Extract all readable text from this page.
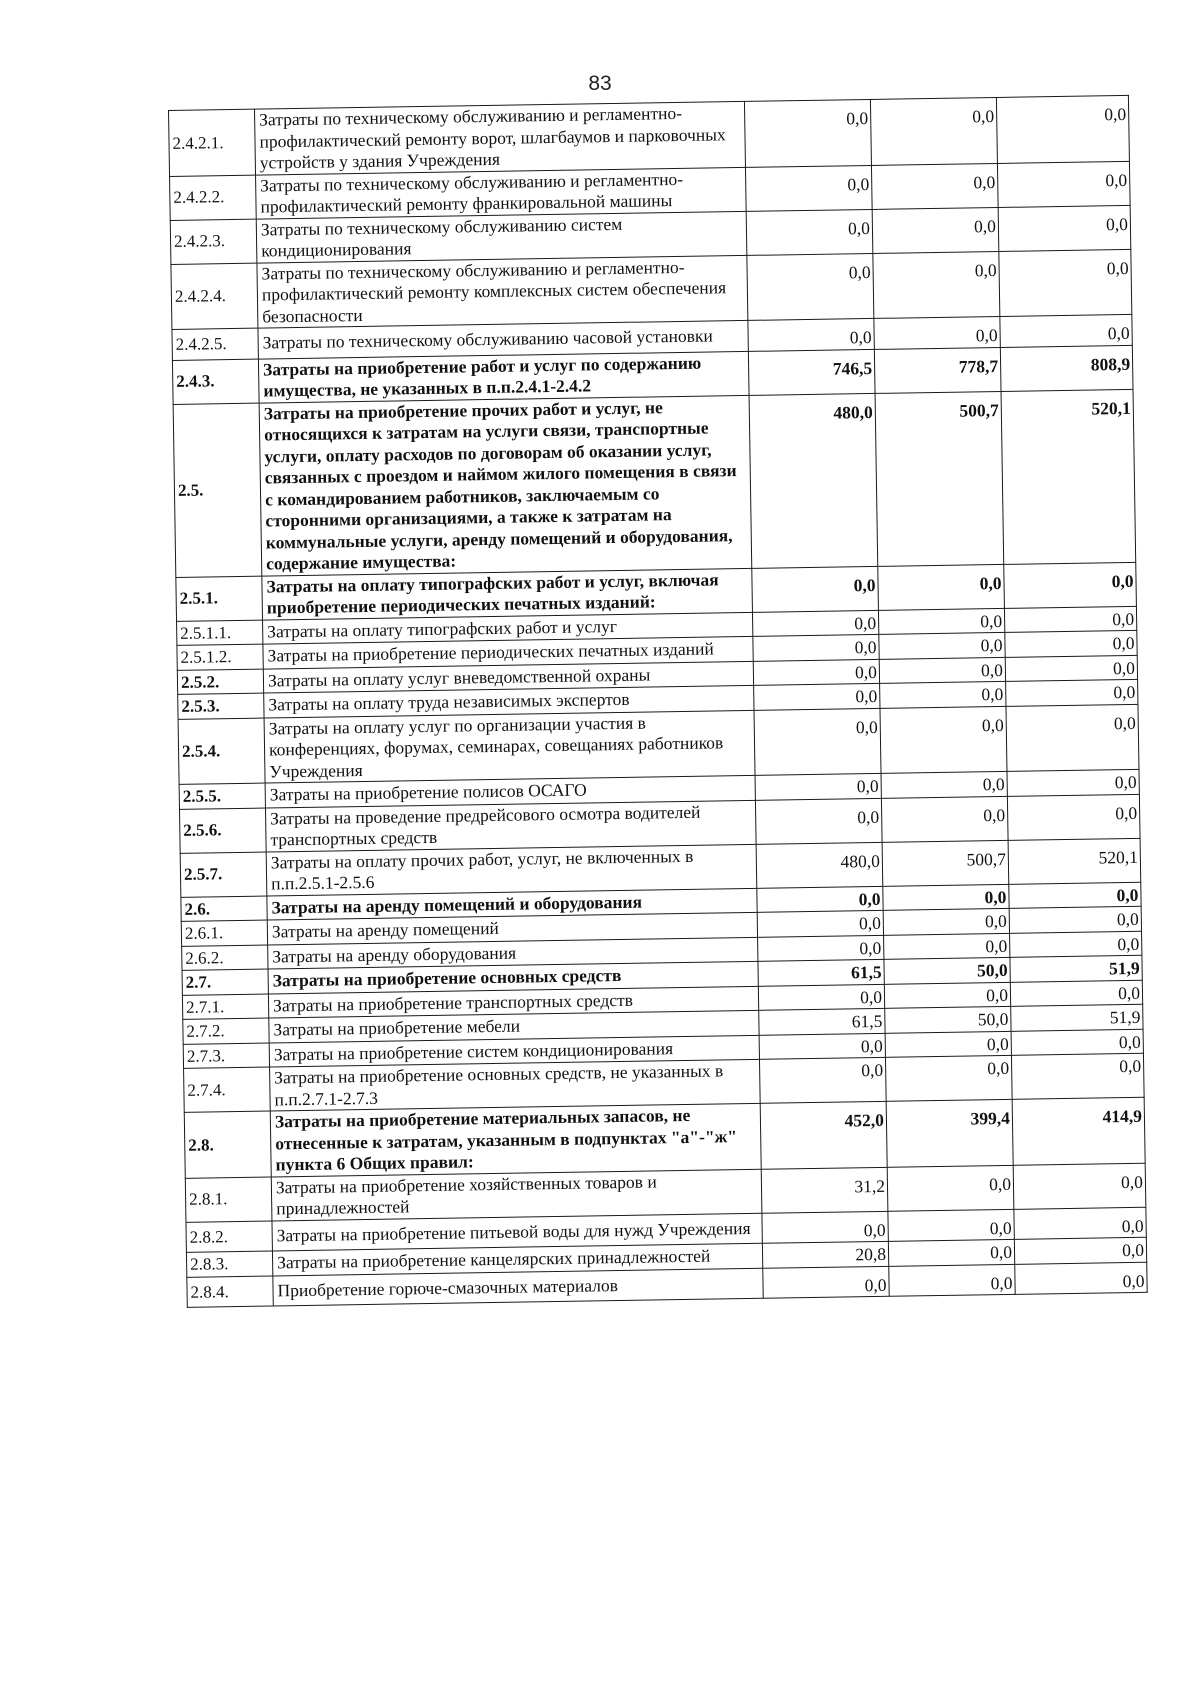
83
2.4.2.1.	Затраты по техническому обслуживанию и регламентно-профилактический ремонту ворот, шлагбаумов и парковочных устройств у здания Учреждения	0,0	0,0	0,0
2.4.2.2.	Затраты по техническому обслуживанию и регламентно-профилактический ремонту франкировальной машины	0,0	0,0	0,0
2.4.2.3.	Затраты по техническому обслуживанию систем кондиционирования	0,0	0,0	0,0
2.4.2.4.	Затраты по техническому обслуживанию и регламентно-профилактический ремонту комплексных систем обеспечения безопасности	0,0	0,0	0,0
2.4.2.5.	Затраты по техническому обслуживанию часовой установки	0,0	0,0	0,0
2.4.3.	Затраты на приобретение работ и услуг по содержанию имущества, не указанных в п.п.2.4.1-2.4.2	746,5	778,7	808,9
2.5.	Затраты на приобретение прочих работ и услуг, не относящихся к затратам на услуги связи, транспортные услуги, оплату расходов по договорам об оказании услуг, связанных с проездом и наймом жилого помещения в связи с командированием работников, заключаемым со сторонними организациями, а также к затратам на коммунальные услуги, аренду помещений и оборудования, содержание имущества:	480,0	500,7	520,1
2.5.1.	Затраты на оплату типографских работ и услуг, включая приобретение периодических печатных изданий:	0,0	0,0	0,0
2.5.1.1.	Затраты на оплату типографских работ и услуг	0,0	0,0	0,0
2.5.1.2.	Затраты на приобретение периодических печатных изданий	0,0	0,0	0,0
2.5.2.	Затраты на оплату услуг вневедомственной охраны	0,0	0,0	0,0
2.5.3.	Затраты на оплату труда независимых экспертов	0,0	0,0	0,0
2.5.4.	Затраты на оплату услуг по организации участия в конференциях, форумах, семинарах, совещаниях работников Учреждения	0,0	0,0	0,0
2.5.5.	Затраты на приобретение полисов ОСАГО	0,0	0,0	0,0
2.5.6.	Затраты на проведение предрейсового осмотра водителей транспортных средств	0,0	0,0	0,0
2.5.7.	Затраты на оплату прочих работ, услуг, не включенных в п.п.2.5.1-2.5.6	480,0	500,7	520,1
2.6.	Затраты на аренду помещений и оборудования	0,0	0,0	0,0
2.6.1.	Затраты на аренду помещений	0,0	0,0	0,0
2.6.2.	Затраты на аренду оборудования	0,0	0,0	0,0
2.7.	Затраты на приобретение основных средств	61,5	50,0	51,9
2.7.1.	Затраты на приобретение транспортных средств	0,0	0,0	0,0
2.7.2.	Затраты на приобретение мебели	61,5	50,0	51,9
2.7.3.	Затраты на приобретение систем кондиционирования	0,0	0,0	0,0
2.7.4.	Затраты на приобретение основных средств, не указанных в п.п.2.7.1-2.7.3	0,0	0,0	0,0
2.8.	Затраты на приобретение материальных запасов, не отнесенные к затратам, указанным в подпунктах "а"-"ж" пункта 6 Общих правил:	452,0	399,4	414,9
2.8.1.	Затраты на приобретение хозяйственных товаров и принадлежностей	31,2	0,0	0,0
2.8.2.	Затраты на приобретение питьевой воды для нужд Учреждения	0,0	0,0	0,0
2.8.3.	Затраты на приобретение канцелярских принадлежностей	20,8	0,0	0,0
2.8.4.	Приобретение горюче-смазочных материалов	0,0	0,0	0,0
